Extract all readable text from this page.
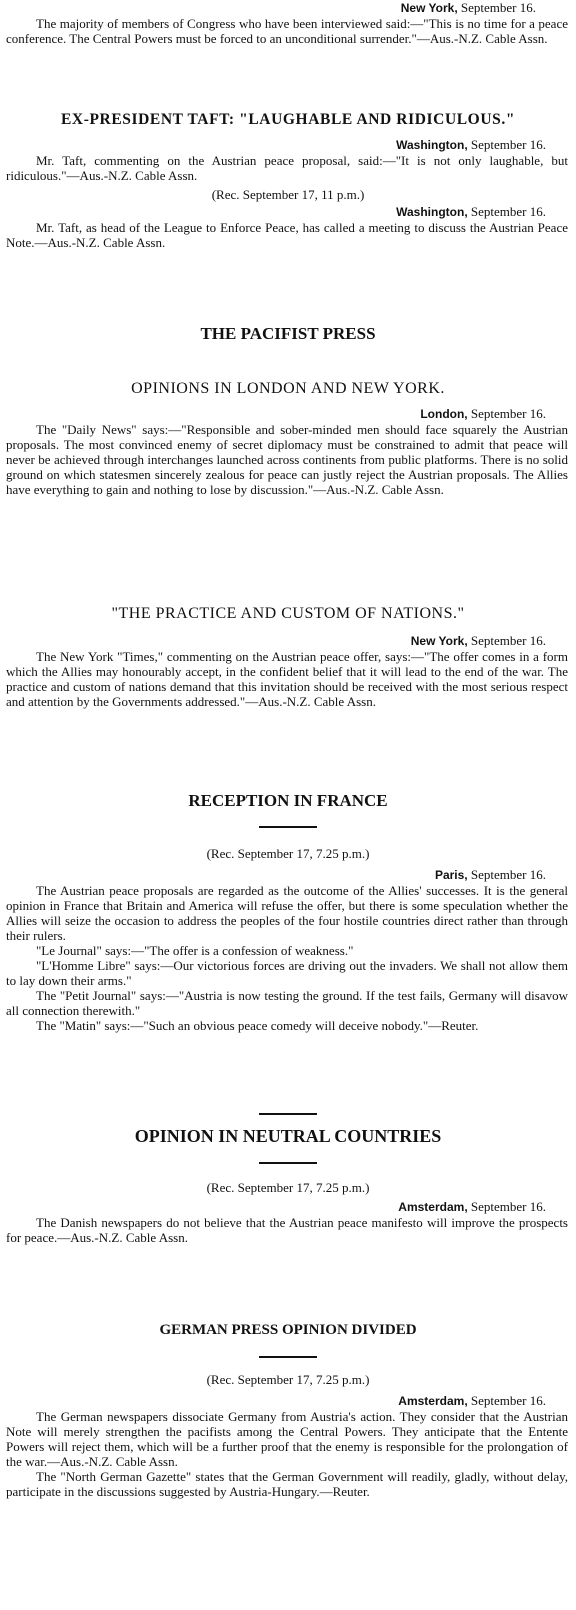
New York, September 16.

The majority of members of Congress who have been interviewed said:—"This is no time for a peace conference. The Central Powers must be forced to an unconditional surrender."—Aus.-N.Z. Cable Assn.

EX-PRESIDENT TAFT: "LAUGHABLE AND RIDICULOUS."
Washington, September 16.

Mr. Taft, commenting on the Austrian peace proposal, said:—"It is not only laughable, but ridiculous."—Aus.-N.Z. Cable Assn.

(Rec. September 17, 11 p.m.)

Washington, September 16.

Mr. Taft, as head of the League to Enforce Peace, has called a meeting to discuss the Austrian Peace Note.—Aus.-N.Z. Cable Assn.

THE PACIFIST PRESS
OPINIONS IN LONDON AND NEW YORK.
London, September 16.

The "Daily News" says:—"Responsible and sober-minded men should face squarely the Austrian proposals. The most convinced enemy of secret diplomacy must be constrained to admit that peace will never be achieved through interchanges launched across continents from public platforms. There is no solid ground on which statesmen sincerely zealous for peace can justly reject the Austrian proposals. The Allies have everything to gain and nothing to lose by discussion."—Aus.-N.Z. Cable Assn.

"THE PRACTICE AND CUSTOM OF NATIONS."
New York, September 16.

The New York "Times," commenting on the Austrian peace offer, says:—"The offer comes in a form which the Allies may honourably accept, in the confident belief that it will lead to the end of the war. The practice and custom of nations demand that this invitation should be received with the most serious respect and attention by the Governments addressed."—Aus.-N.Z. Cable Assn.

RECEPTION IN FRANCE

(Rec. September 17, 7.25 p.m.)

Paris, September 16.

The Austrian peace proposals are regarded as the outcome of the Allies' successes. It is the general opinion in France that Britain and America will refuse the offer, but there is some speculation whether the Allies will seize the occasion to address the peoples of the four hostile countries direct rather than through their rulers.

"Le Journal" says:—"The offer is a confession of weakness."

"L'Homme Libre" says:—Our victorious forces are driving out the invaders. We shall not allow them to lay down their arms."

The "Petit Journal" says:—"Austria is now testing the ground. If the test fails, Germany will disavow all connection therewith."

The "Matin" says:—"Such an obvious peace comedy will deceive nobody."—Reuter.

OPINION IN NEUTRAL COUNTRIES

(Rec. September 17, 7.25 p.m.)

Amsterdam, September 16.

The Danish newspapers do not believe that the Austrian peace manifesto will improve the prospects for peace.—Aus.-N.Z. Cable Assn.

GERMAN PRESS OPINION DIVIDED

(Rec. September 17, 7.25 p.m.)

Amsterdam, September 16.

The German newspapers dissociate Germany from Austria's action. They consider that the Austrian Note will merely strengthen the pacifists among the Central Powers. They anticipate that the Entente Powers will reject them, which will be a further proof that the enemy is responsible for the prolongation of the war.—Aus.-N.Z. Cable Assn.

The "North German Gazette" states that the German Government will readily, gladly, without delay, participate in the discussions suggested by Austria-Hungary.—Reuter.
